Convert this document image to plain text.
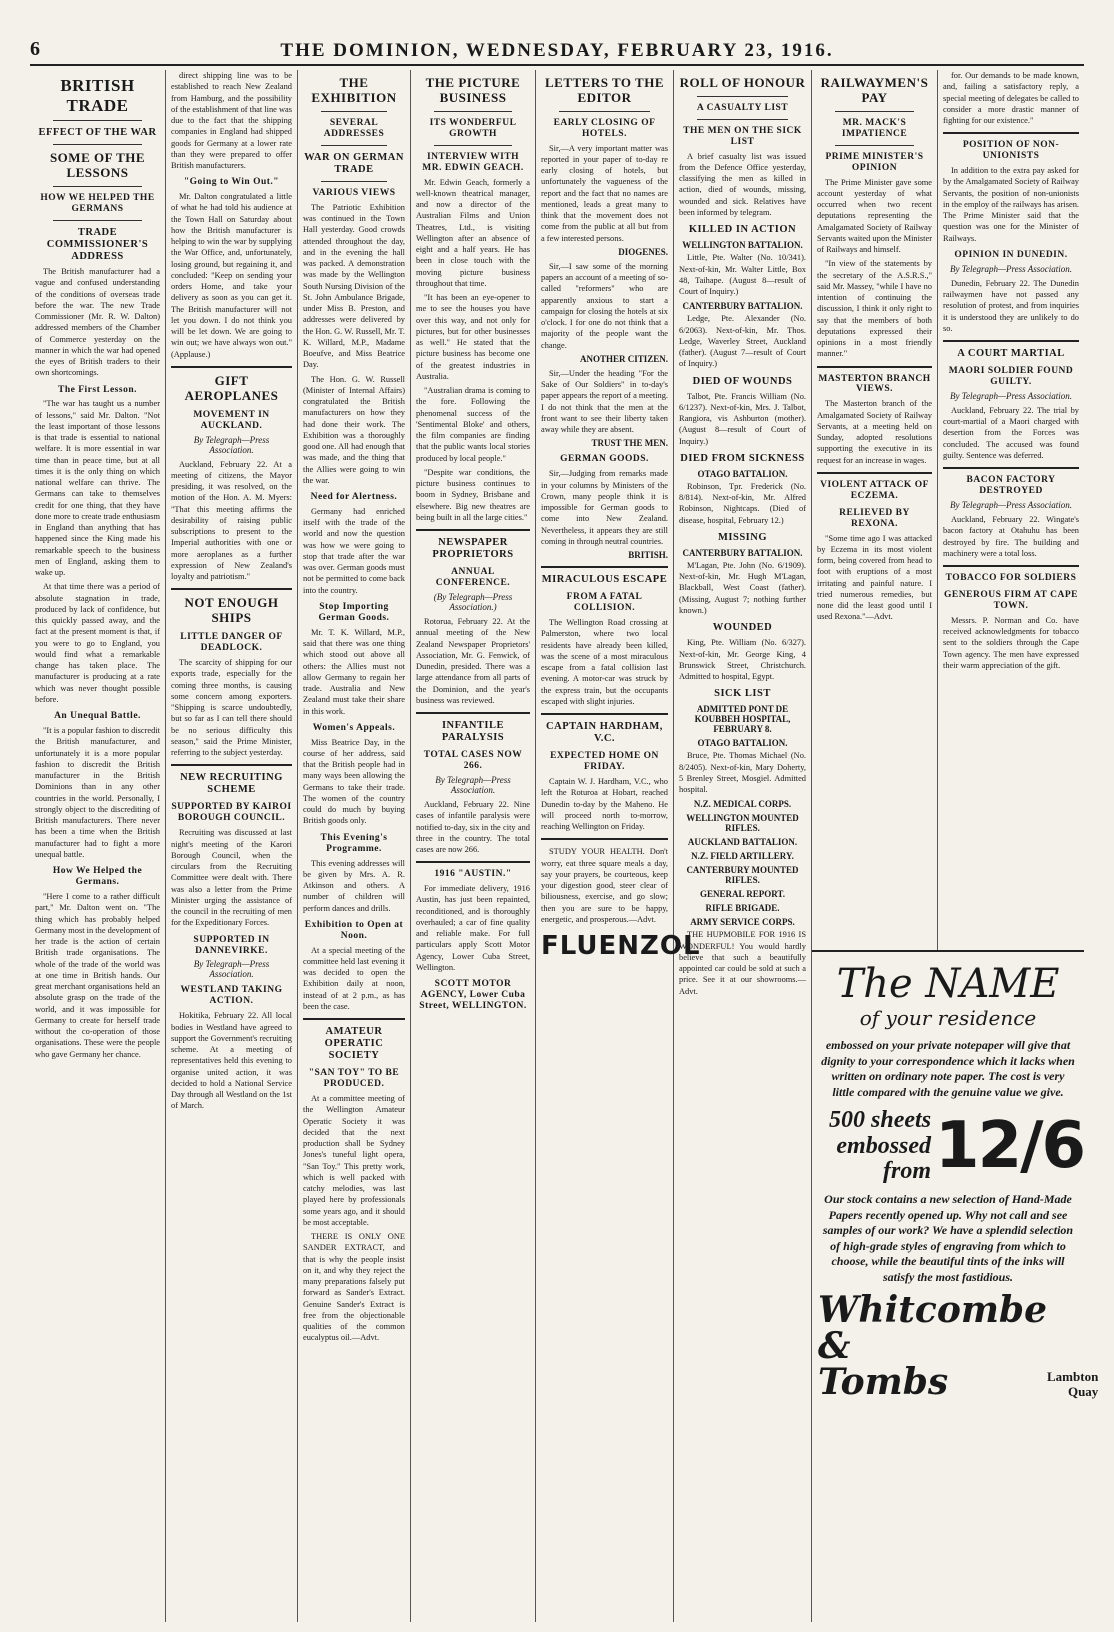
6	THE DOMINION, WEDNESDAY, FEBRUARY 23, 1916.
BRITISH TRADE
EFFECT OF THE WAR
SOME OF THE LESSONS
HOW WE HELPED THE GERMANS
TRADE COMMISSIONER'S ADDRESS

The British manufacturer had a vague and confused understanding of the conditions of overseas trade before the war. The new Trade Commissioner (Mr. R. W. Dalton) addressed members of the Chamber of Commerce yesterday on the manner in which the war had opened the eyes of British traders to their own shortcomings.

The First Lesson.

"The war has taught us a number of lessons," said Mr. Dalton. "Not the least important of those lessons is that trade is essential to national welfare. It is more essential in war time than in peace time, but at all times it is the only thing on which national welfare can thrive. The Germans can take to themselves credit for one thing, that they have done more to create trade enthusiasm in England than anything that has happened since the King made his remarkable speech to the business men of England, asking them to wake up.

At that time there was a period of absolute stagnation in trade, produced by lack of confidence, but this quickly passed away, and the fact at the present moment is that, if you were to go to England, you would find what a remarkable change has taken place. The manufacturer is producing at a rate which was never thought possible before.

An Unequal Battle.

"It is a popular fashion to discredit the British manufacturer, and unfortunately it is a more popular fashion to discredit the British manufacturer in the British Dominions than in any other countries in the world. Personally, I strongly object to the discrediting of British manufacturers. There never has been a time when the British manufacturer had to fight a more unequal battle.

How We Helped the Germans.

"Here I come to a rather difficult part," Mr. Dalton went on. "The thing which has probably helped Germany most in the development of her trade is the action of certain British trade organisations. The whole of the trade of the world was at one time in British hands. Our great merchant organisations held an absolute grasp on the trade of the world, and it was impossible for Germany to create for herself trade without the co-operation of those organisations. These were the people who gave Germany her chance.

direct shipping line was to be established to reach New Zealand from Hamburg, and the possibility of the establishment of that line was due to the fact that the shipping companies in England had shipped goods for Germany at a lower rate than they were prepared to offer British manufacturers.

"Going to Win Out."

Mr. Dalton congratulated a little of what he had told his audience at the Town Hall on Saturday about how the British manufacturer is helping to win the war by supplying the War Office, and, unfortunately, losing ground, but regaining it, and concluded: "Keep on sending your orders Home, and take your delivery as soon as you can get it. The British manufacturer will not let you down. I do not think you will be let down. We are going to win out; we have always won out." (Applause.)

GIFT AEROPLANES
MOVEMENT IN AUCKLAND.
By Telegraph—Press Association.

Auckland, February 22. At a meeting of citizens, the Mayor presiding, it was resolved, on the motion of the Hon. A. M. Myers: "That this meeting affirms the desirability of raising public subscriptions to present to the Imperial authorities with one or more aeroplanes as a further expression of New Zealand's loyalty and patriotism."

NOT ENOUGH SHIPS
LITTLE DANGER OF DEADLOCK.

The scarcity of shipping for our exports trade, especially for the coming three months, is causing some concern among exporters. "Shipping is scarce undoubtedly, but so far as I can tell there should be no serious difficulty this season," said the Prime Minister, referring to the subject yesterday.

NEW RECRUITING SCHEME
SUPPORTED BY KAIROI BOROUGH COUNCIL.

Recruiting was discussed at last night's meeting of the Karori Borough Council, when the circulars from the Recruiting Committee were dealt with. There was also a letter from the Prime Minister urging the assistance of the council in the recruiting of men for the Expeditionary Forces.

SUPPORTED IN DANNEVIRKE.
By Telegraph—Press Association.
WESTLAND TAKING ACTION.

Hokitika, February 22. All local bodies in Westland have agreed to support the Government's recruiting scheme. At a meeting of representatives held this evening to organise united action, it was decided to hold a National Service Day through all Westland on the 1st of March.

THE EXHIBITION
SEVERAL ADDRESSES
WAR ON GERMAN TRADE
VARIOUS VIEWS

The Patriotic Exhibition was continued in the Town Hall yesterday. Good crowds attended throughout the day, and in the evening the hall was packed. A demonstration was made by the Wellington South Nursing Division of the St. John Ambulance Brigade, under Miss B. Preston, and addresses were delivered by the Hon. G. W. Russell, Mr. T. K. Willard, M.P., Madame Boeufve, and Miss Beatrice Day.

The Hon. G. W. Russell (Minister of Internal Affairs) congratulated the British manufacturers on how they had done their work. The Exhibition was a thoroughly good one. All had enough that was made, and the thing that the Allies were going to win the war.

Need for Alertness.

Germany had enriched itself with the trade of the world and now the question was how we were going to stop that trade after the war was over. German goods must not be permitted to come back into the country.

Stop Importing German Goods.

Mr. T. K. Willard, M.P., said that there was one thing which stood out above all others: the Allies must not allow Germany to regain her trade. Australia and New Zealand must take their share in this work.

Women's Appeals.

Miss Beatrice Day, in the course of her address, said that the British people had in many ways been allowing the Germans to take their trade. The women of the country could do much by buying British goods only.

This Evening's Programme.

This evening addresses will be given by Mrs. A. R. Atkinson and others. A number of children will perform dances and drills.

Exhibition to Open at Noon.

At a special meeting of the committee held last evening it was decided to open the Exhibition daily at noon, instead of at 2 p.m., as has been the case.

AMATEUR OPERATIC SOCIETY
"SAN TOY" TO BE PRODUCED.

At a committee meeting of the Wellington Amateur Operatic Society it was decided that the next production shall be Sydney Jones's tuneful light opera, "San Toy." This pretty work, which is well packed with catchy melodies, was last played here by professionals some years ago, and it should be most acceptable.

THERE IS ONLY ONE SANDER EXTRACT, and that is why the people insist on it, and why they reject the many preparations falsely put forward as Sander's Extract. Genuine Sander's Extract is free from the objectionable qualities of the common eucalyptus oil.—Advt.

THE PICTURE BUSINESS
ITS WONDERFUL GROWTH
INTERVIEW WITH MR. EDWIN GEACH.

Mr. Edwin Geach, formerly a well-known theatrical manager, and now a director of the Australian Films and Union Theatres, Ltd., is visiting Wellington after an absence of eight and a half years. He has been in close touch with the moving picture business throughout that time.

"It has been an eye-opener to me to see the houses you have over this way, and not only for pictures, but for other businesses as well." He stated that the picture business has become one of the greatest industries in Australia.

"Australian drama is coming to the fore. Following the phenomenal success of the 'Sentimental Bloke' and others, the film companies are finding that the public wants local stories produced by local people."

"Despite war conditions, the picture business continues to boom in Sydney, Brisbane and elsewhere. Big new theatres are being built in all the large cities."

NEWSPAPER PROPRIETORS
ANNUAL CONFERENCE.
(By Telegraph—Press Association.)

Rotorua, February 22. At the annual meeting of the New Zealand Newspaper Proprietors' Association, Mr. G. Fenwick, of Dunedin, presided. There was a large attendance from all parts of the Dominion, and the year's business was reviewed.

INFANTILE PARALYSIS
TOTAL CASES NOW 266.
By Telegraph—Press Association.

Auckland, February 22. Nine cases of infantile paralysis were notified to-day, six in the city and three in the country. The total cases are now 266.

1916 "AUSTIN."

For immediate delivery, 1916 Austin, has just been repainted, reconditioned, and is thoroughly overhauled; a car of fine quality and reliable make. For full particulars apply Scott Motor Agency, Lower Cuba Street, Wellington.

SCOTT MOTOR AGENCY, Lower Cuba Street, WELLINGTON.
LETTERS TO THE EDITOR
EARLY CLOSING OF HOTELS.

Sir,—A very important matter was reported in your paper of to-day re early closing of hotels, but unfortunately the vagueness of the report and the fact that no names are mentioned, leads a great many to think that the movement does not come from the public at all but from a few interested persons.

DIOGENES.

Sir,—I saw some of the morning papers an account of a meeting of so-called "reformers" who are apparently anxious to start a campaign for closing the hotels at six o'clock. I for one do not think that a majority of the people want the change.

ANOTHER CITIZEN.

Sir,—Under the heading "For the Sake of Our Soldiers" in to-day's paper appears the report of a meeting. I do not think that the men at the front want to see their liberty taken away while they are absent.

TRUST THE MEN.
GERMAN GOODS.

Sir,—Judging from remarks made in your columns by Ministers of the Crown, many people think it is impossible for German goods to come into New Zealand. Nevertheless, it appears they are still coming in through neutral countries.

BRITISH.
MIRACULOUS ESCAPE
FROM A FATAL COLLISION.

The Wellington Road crossing at Palmerston, where two local residents have already been killed, was the scene of a most miraculous escape from a fatal collision last evening. A motor-car was struck by the express train, but the occupants escaped with slight injuries.

CAPTAIN HARDHAM, V.C.
EXPECTED HOME ON FRIDAY.

Captain W. J. Hardham, V.C., who left the Roturoa at Hobart, reached Dunedin to-day by the Maheno. He will proceed north to-morrow, reaching Wellington on Friday.

STUDY YOUR HEALTH. Don't worry, eat three square meals a day, say your prayers, be courteous, keep your digestion good, steer clear of biliousness, exercise, and go slow; then you are sure to be happy, energetic, and prosperous.—Advt.

FLUENZOL
ROLL OF HONOUR
A CASUALTY LIST
THE MEN ON THE SICK LIST

A brief casualty list was issued from the Defence Office yesterday, classifying the men as killed in action, died of wounds, missing, wounded and sick. Relatives have been informed by telegram.

KILLED IN ACTION
WELLINGTON BATTALION.

Little, Pte. Walter (No. 10/341). Next-of-kin, Mr. Walter Little, Box 48, Taihape. (August 8—result of Court of Inquiry.)

CANTERBURY BATTALION.

Ledge, Pte. Alexander (No. 6/2063). Next-of-kin, Mr. Thos. Ledge, Waverley Street, Auckland (father). (August 7—result of Court of Inquiry.)

DIED OF WOUNDS

Talbot, Pte. Francis William (No. 6/1237). Next-of-kin, Mrs. J. Talbot, Rangiora, vis Ashburton (mother). (August 8—result of Court of Inquiry.)

DIED FROM SICKNESS
OTAGO BATTALION.

Robinson, Tpr. Frederick (No. 8/814). Next-of-kin, Mr. Alfred Robinson, Nightcaps. (Died of disease, hospital, February 12.)

MISSING
CANTERBURY BATTALION.

M'Lagan, Pte. John (No. 6/1909). Next-of-kin, Mr. Hugh M'Lagan, Blackball, West Coast (father). (Missing, August 7; nothing further known.)

WOUNDED

King, Pte. William (No. 6/327). Next-of-kin, Mr. George King, 4 Brunswick Street, Christchurch. Admitted to hospital, Egypt.

SICK LIST
ADMITTED PONT DE KOUBBEH HOSPITAL, FEBRUARY 8.
OTAGO BATTALION.

Bruce, Pte. Thomas Michael (No. 8/2405). Next-of-kin, Mary Doherty, 5 Brenley Street, Mosgiel. Admitted hospital.

N.Z. MEDICAL CORPS.
WELLINGTON MOUNTED RIFLES.
AUCKLAND BATTALION.
N.Z. FIELD ARTILLERY.
CANTERBURY MOUNTED RIFLES.
GENERAL REPORT.
RIFLE BRIGADE.
ARMY SERVICE CORPS.

THE HUPMOBILE FOR 1916 IS WONDERFUL! You would hardly believe that such a beautifully appointed car could be sold at such a price. See it at our showrooms.—Advt.

RAILWAYMEN'S PAY
MR. MACK'S IMPATIENCE
PRIME MINISTER'S OPINION

The Prime Minister gave some account yesterday of what occurred when two recent deputations representing the Amalgamated Society of Railway Servants waited upon the Minister of Railways and himself.

"In view of the statements by the secretary of the A.S.R.S.," said Mr. Massey, "while I have no intention of continuing the discussion, I think it only right to say that the members of both deputations expressed their opinions in a most friendly manner."

MASTERTON BRANCH VIEWS.

The Masterton branch of the Amalgamated Society of Railway Servants, at a meeting held on Sunday, adopted resolutions supporting the executive in its request for an increase in wages.

VIOLENT ATTACK OF ECZEMA.
RELIEVED BY REXONA.

"Some time ago I was attacked by Eczema in its most violent form, being covered from head to foot with eruptions of a most irritating and painful nature. I tried numerous remedies, but none did the least good until I used Rexona."—Advt.

for. Our demands to be made known, and, failing a satisfactory reply, a special meeting of delegates be called to consider a more drastic manner of fighting for our existence."

POSITION OF NON-UNIONISTS

In addition to the extra pay asked for by the Amalgamated Society of Railway Servants, the position of non-unionists in the employ of the railways has arisen. The Prime Minister said that the question was one for the Minister of Railways.

OPINION IN DUNEDIN.
By Telegraph—Press Association.

Dunedin, February 22. The Dunedin railwaymen have not passed any resolution of protest, and from inquiries it is understood they are unlikely to do so.

A COURT MARTIAL
MAORI SOLDIER FOUND GUILTY.
By Telegraph—Press Association.

Auckland, February 22. The trial by court-martial of a Maori charged with desertion from the Forces was concluded. The accused was found guilty. Sentence was deferred.

BACON FACTORY DESTROYED
By Telegraph—Press Association.

Auckland, February 22. Wingate's bacon factory at Otahuhu has been destroyed by fire. The building and machinery were a total loss.

TOBACCO FOR SOLDIERS
GENEROUS FIRM AT CAPE TOWN.

Messrs. P. Norman and Co. have received acknowledgments for tobacco sent to the soldiers through the Cape Town agency. The men have expressed their warm appreciation of the gift.

The NAME
of your residence
embossed on your private notepaper will give that dignity to your correspondence which it lacks when written on ordinary note paper. The cost is very little compared with the genuine value we give.
500 sheets embossed from 12/6
Our stock contains a new selection of Hand-Made Papers recently opened up. Why not call and see samples of our work? We have a splendid selection of high-grade styles of engraving from which to choose, while the beautiful tints of the inks will satisfy the most fastidious.
Whitcombe &
Tombs	Lambton
Quay
